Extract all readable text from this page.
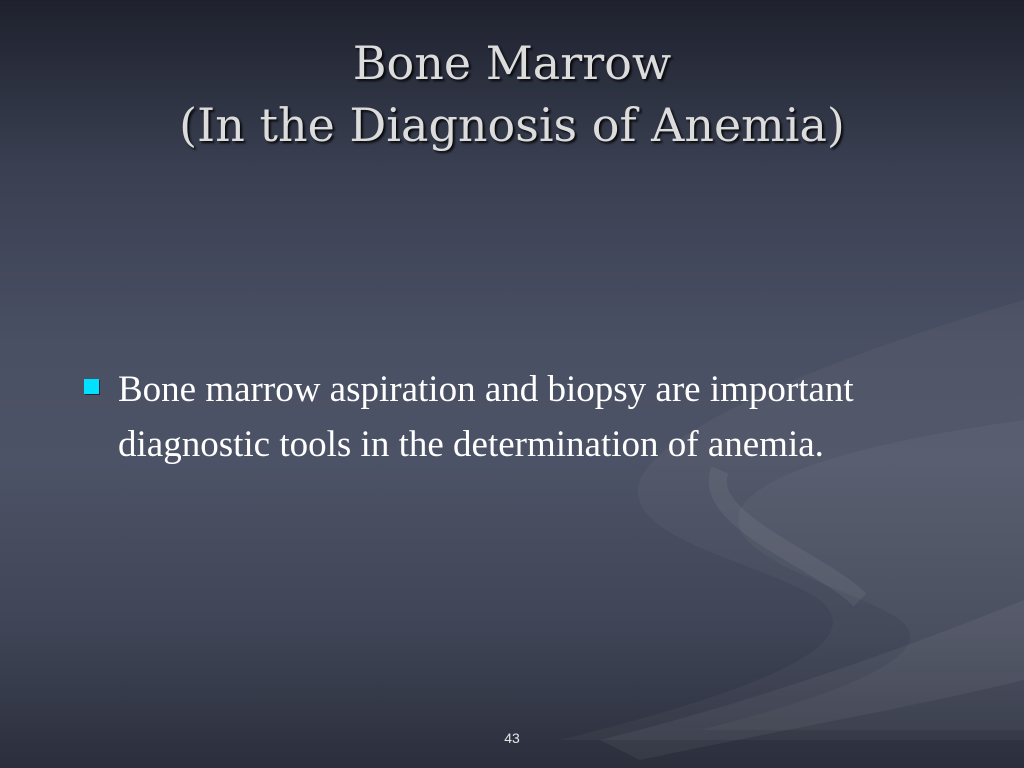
Bone Marrow
(In the Diagnosis of Anemia)
Bone marrow aspiration and biopsy are important diagnostic tools in the determination of anemia.
43
